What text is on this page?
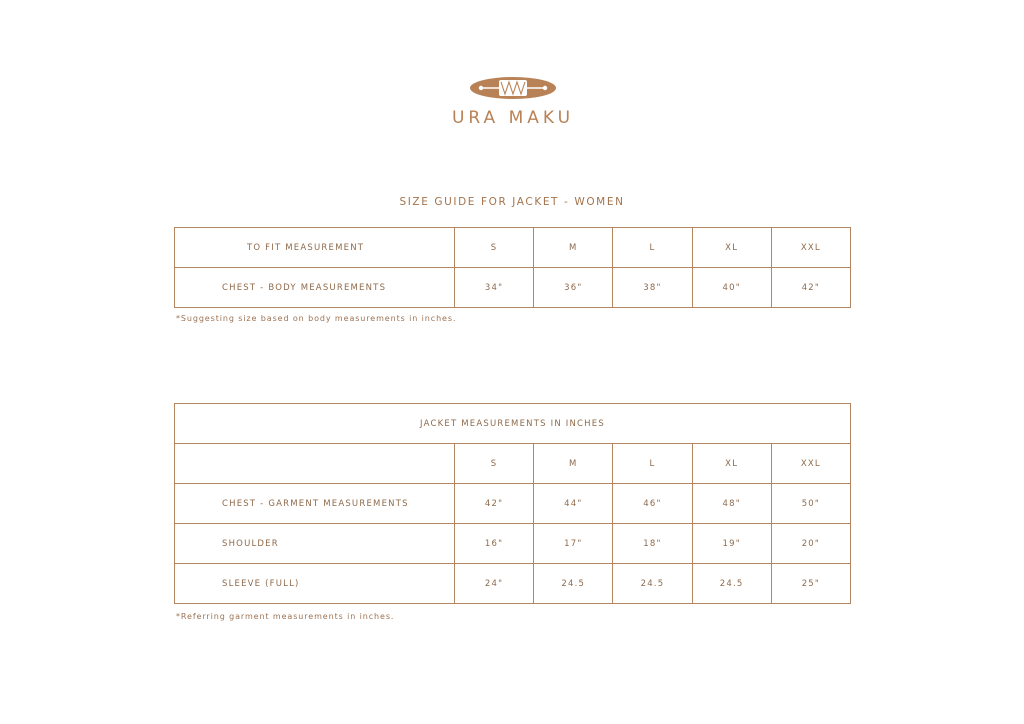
URA MAKU
SIZE GUIDE FOR JACKET - WOMEN
TO FIT MEASUREMENT	S	M	L	XL	XXL
CHEST - BODY MEASUREMENTS	34"	36"	38"	40"	42"
*Suggesting size based on body measurements in inches.
JACKET MEASUREMENTS IN INCHES					
	S	M	L	XL	XXL
CHEST - GARMENT MEASUREMENTS	42"	44"	46"	48"	50"
SHOULDER	16"	17"	18"	19"	20"
SLEEVE (FULL)	24"	24.5	24.5	24.5	25"
*Referring garment measurements in inches.
